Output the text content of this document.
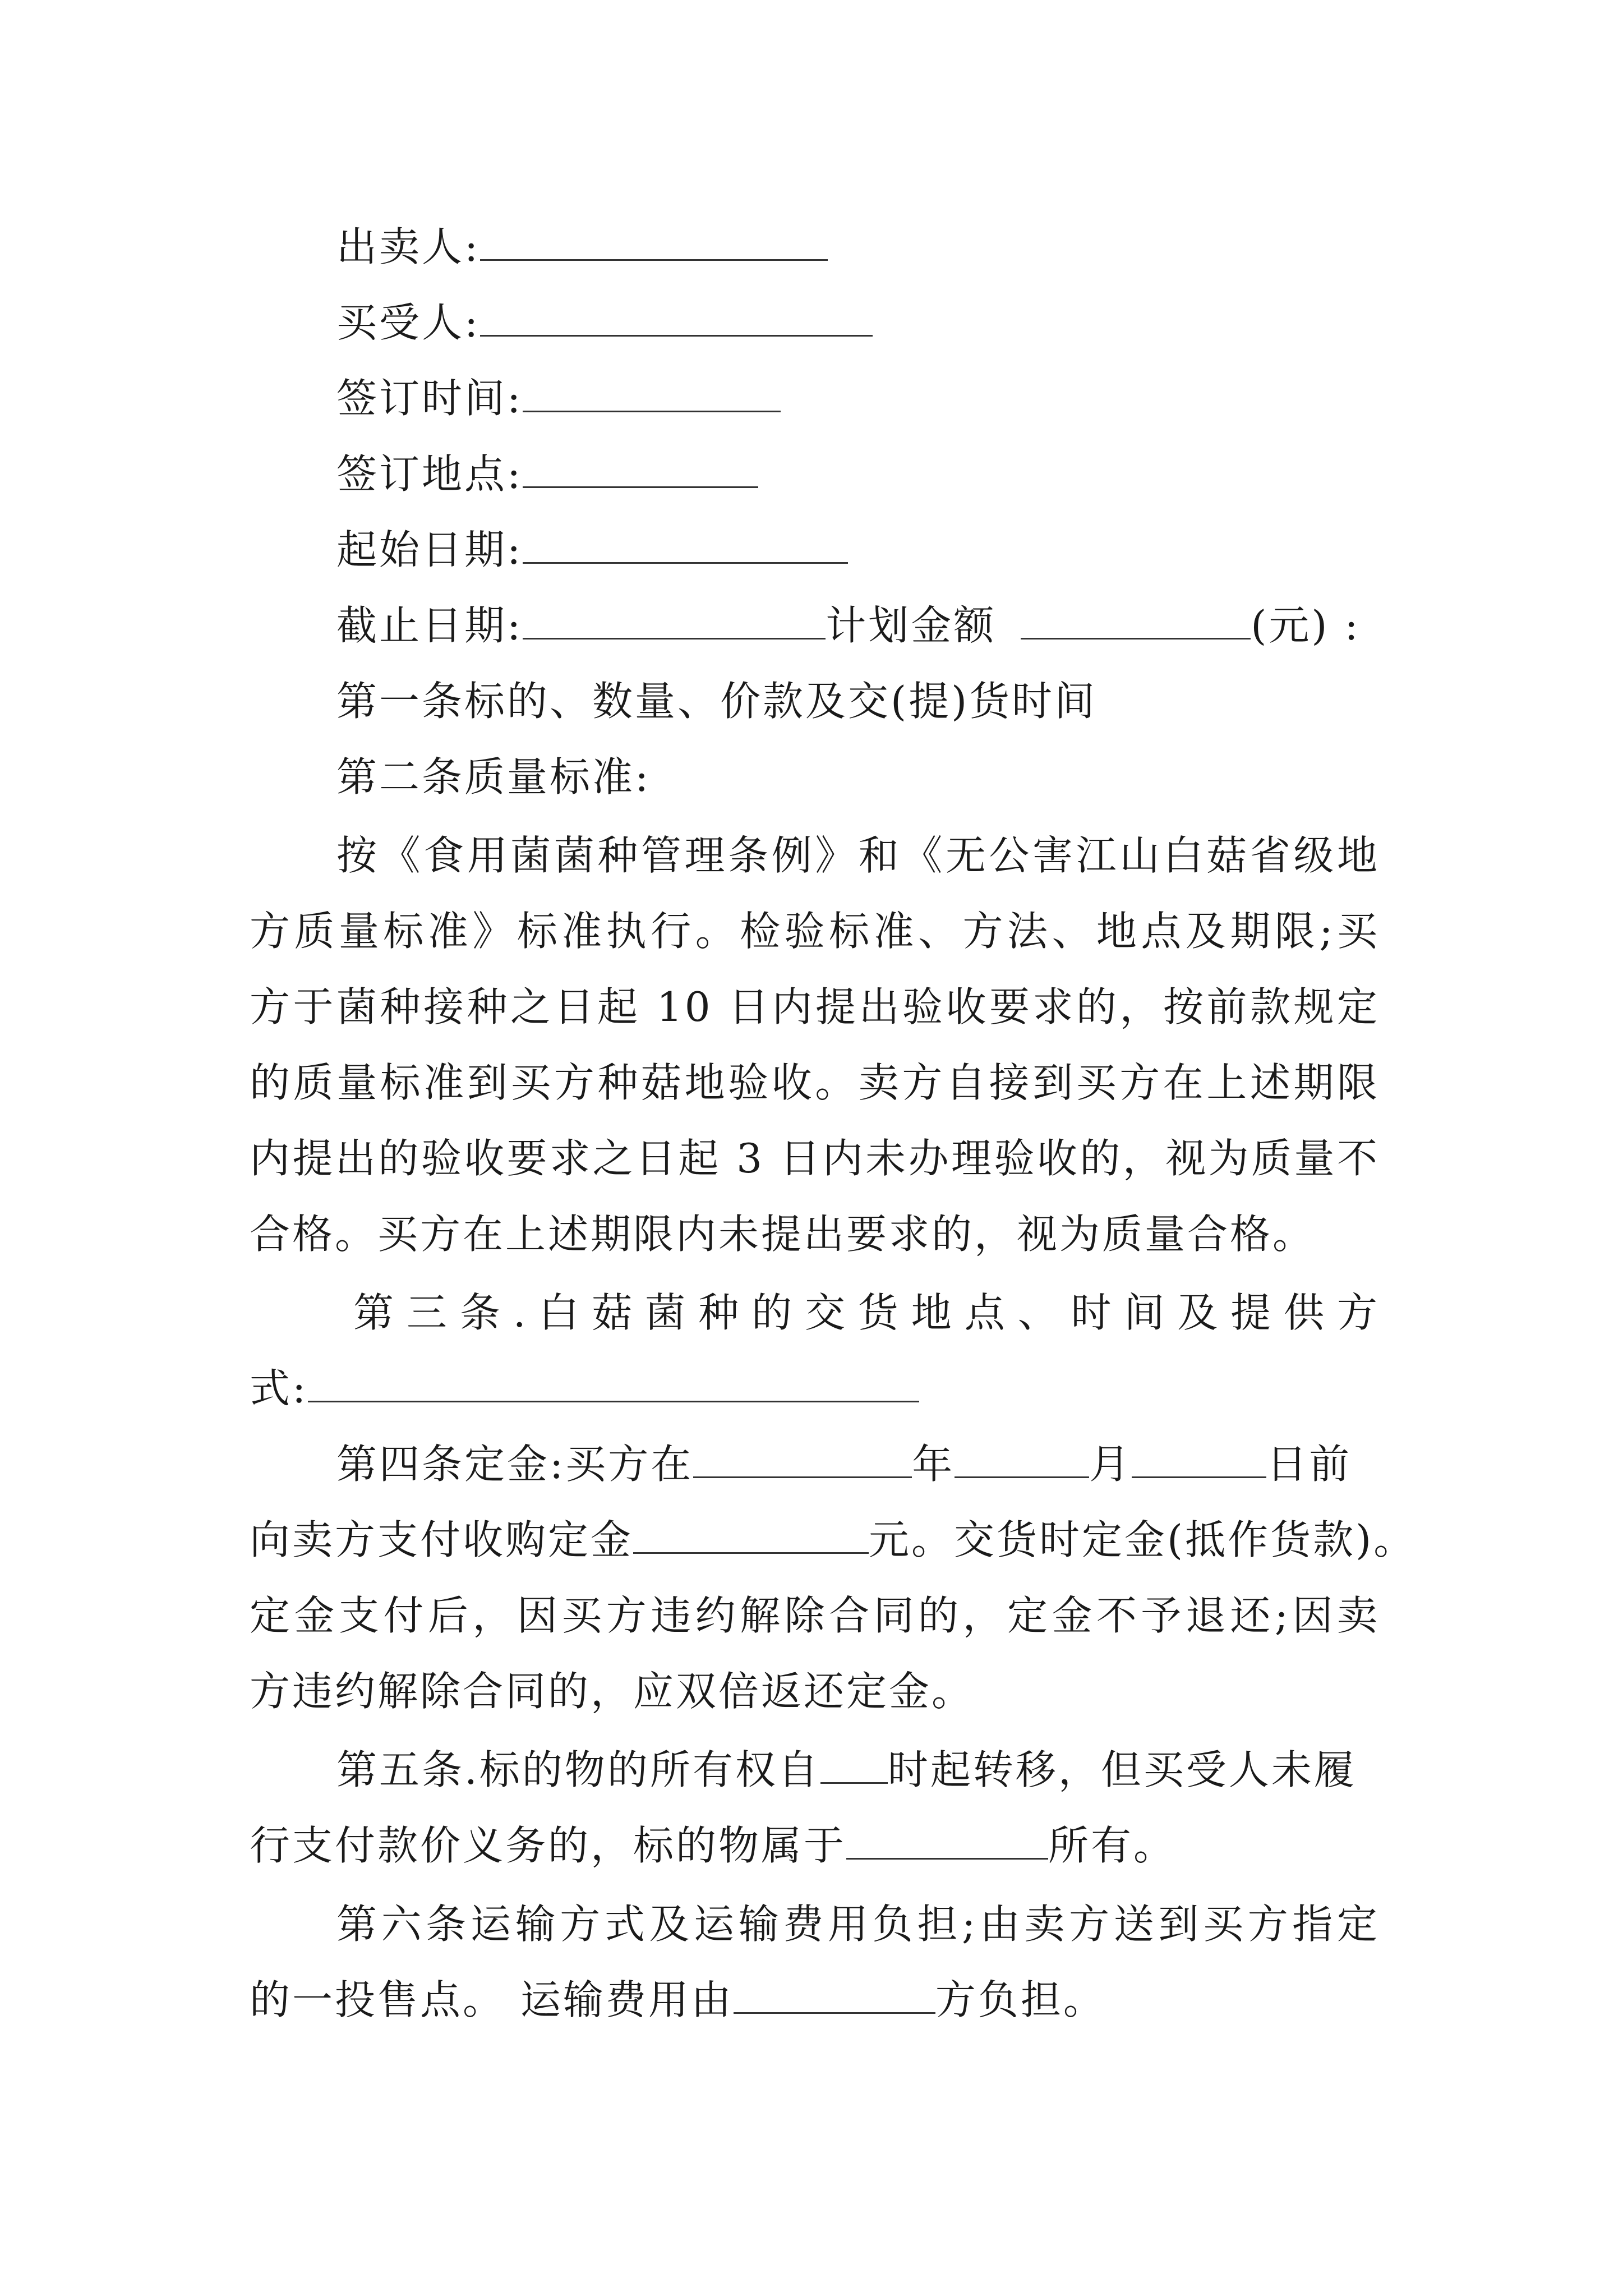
出卖人:
买受人:
签订时间:
签订地点:
起始日期:
截止日期:	计划金额	(元) :
第一条标的、数量、价款及交(提)货时间
第二条质量标准:
按《食用菌菌种管理条例》和《无公害江山白菇省级地
方质量标准》标准执行。检验标准、方法、地点及期限;买
方于菌种接种之日起 10 日内提出验收要求的，按前款规定
的质量标准到买方种菇地验收。卖方自接到买方在上述期限
内提出的验收要求之日起 3 日内未办理验收的，视为质量不
合格。买方在上述期限内未提出要求的，视为质量合格。
第三条.白菇菌种的交货地点、时间及提供方
式:
第四条定金:买方在	年	月	日前
向卖方支付收购定金	元。交货时定金(抵作货款)。
定金支付后，因买方违约解除合同的，定金不予退还;因卖
方违约解除合同的，应双倍返还定金。
第五条.标的物的所有权自 时起转移，但买受人未履
行支付款价义务的，标的物属于	所有。
第六条运输方式及运输费用负担;由卖方送到买方指定
的一投售点。 运输费用由	方负担。
